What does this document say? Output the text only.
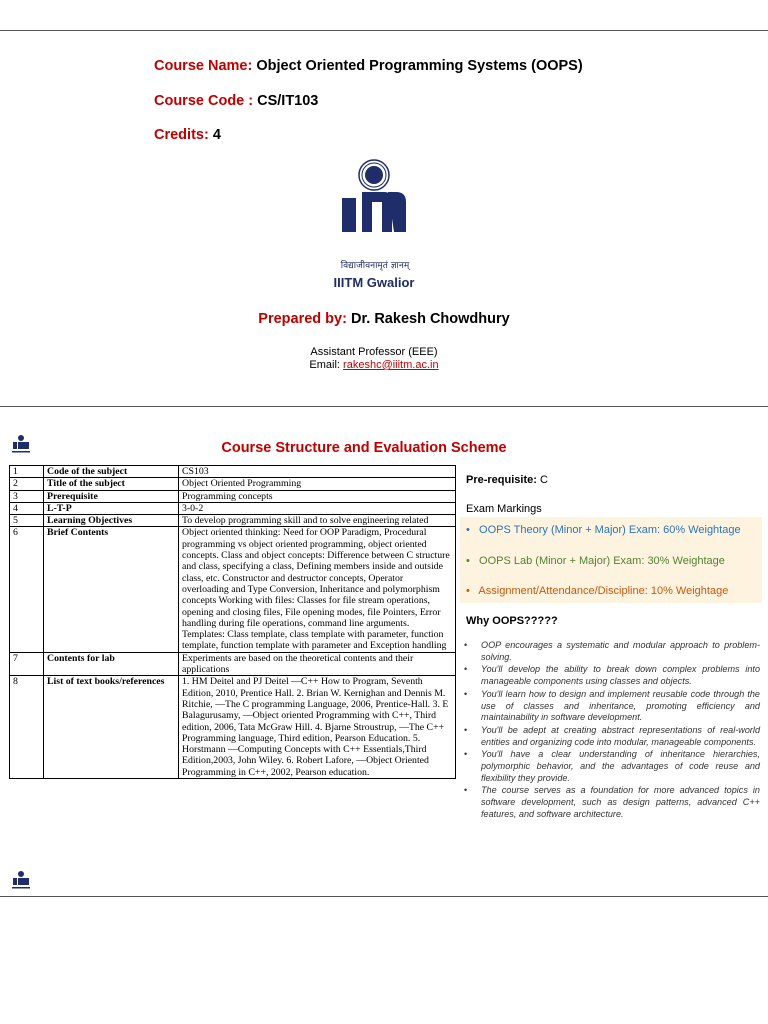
Course Name: Object Oriented Programming Systems (OOPS)
Course Code : CS/IT103
Credits: 4
विद्याजीवनामृतं ज्ञानम्
IIITM Gwalior
Prepared by: Dr. Rakesh Chowdhury
Assistant Professor (EEE)
Email: rakeshc@iiitm.ac.in
Course Structure and Evaluation Scheme
1	Code of the subject	CS103
2	Title of the subject	Object Oriented Programming
3	Prerequisite	Programming concepts
4	L-T-P	3-0-2
5	Learning Objectives	To develop programming skill and to solve engineering related
6	Brief Contents	Object oriented thinking: Need for OOP Paradigm, Procedural programming vs object oriented programming, object oriented concepts. Class and object concepts: Difference between C structure and class, specifying a class, Defining members inside and outside class, etc. Constructor and destructor concepts, Operator overloading and Type Conversion, Inheritance and polymorphism concepts Working with files: Classes for file stream operations, opening and closing files, File opening modes, file Pointers, Error handling during file operations, command line arguments. Templates: Class template, class template with parameter, function template, function template with parameter and Exception handling
7	Contents for lab	Experiments are based on the theoretical contents and their applications
8	List of text books/references	1. HM Deitel and PJ Deitel —C++ How to Program, Seventh Edition, 2010, Prentice Hall. 2. Brian W. Kernighan and Dennis M. Ritchie, —The C programming Language, 2006, Prentice-Hall. 3. E Balagurusamy, —Object oriented Programming with C++, Third edition, 2006, Tata McGraw Hill. 4. Bjarne Stroustrup, —The C++ Programming language, Third edition, Pearson Education. 5. Horstmann —Computing Concepts with C++ Essentials,Third Edition,2003, John Wiley. 6. Robert Lafore, —Object Oriented Programming in C++, 2002, Pearson education.
Pre-requisite: C
Exam Markings
•   OOPS Theory (Minor + Major) Exam: 60% Weightage
•   OOPS Lab (Minor + Major) Exam: 30% Weightage
•   Assignment/Attendance/Discipline: 10% Weightage
Why OOPS?????
• OOP encourages a systematic and modular approach to problem-solving.
• You'll develop the ability to break down complex problems into manageable components using classes and objects.
• You'll learn how to design and implement reusable code through the use of classes and inheritance, promoting efficiency and maintainability in software development.
• You'll be adept at creating abstract representations of real-world entities and organizing code into modular, manageable components.
• You'll have a clear understanding of inheritance hierarchies, polymorphic behavior, and the advantages of code reuse and flexibility they provide.
• The course serves as a foundation for more advanced topics in software development, such as design patterns, advanced C++ features, and software architecture.
